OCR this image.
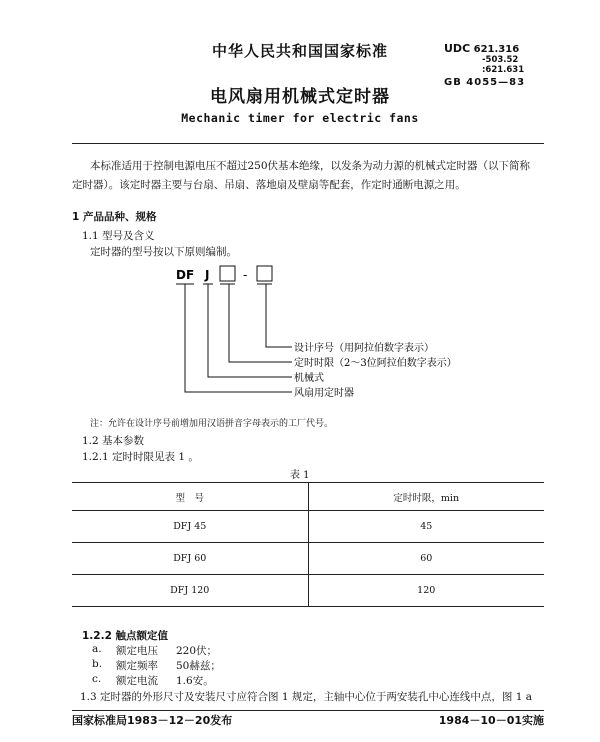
中华人民共和国国家标准	UDC 621.316
-503.52
:621.631
GB 4055—83
电风扇用机械式定时器
Mechanic timer for electric fans
本标准适用于控制电源电压不超过250伏基本绝缘，以发条为动力源的机械式定时器（以下简称
定时器）。该定时器主要与台扇、吊扇、落地扇及壁扇等配套，作定时通断电源之用。
1 产品品种、规格
1.1 型号及含义
定时器的型号按以下原则编制。
DF J	-
设计序号（用阿拉伯数字表示）
定时时限（2～3位阿拉伯数字表示）
机械式
风扇用定时器
注：允许在设计序号前增加用汉语拼音字母表示的工厂代号。
1.2 基本参数
1.2.1 定时时限见表 1 。
表 1
型　号	定时时限，min
DFJ 45	45
DFJ 60	60
DFJ 120	120
1.2.2 触点额定值
a. 额定电压 220伏；
b. 额定频率 50赫兹；
c. 额定电流 1.6安。
1.3 定时器的外形尺寸及安装尺寸应符合图 1 规定，主轴中心位于两安装孔中心连线中点，图 1 a
国家标准局1983－12－20发布	1984－10－01实施
